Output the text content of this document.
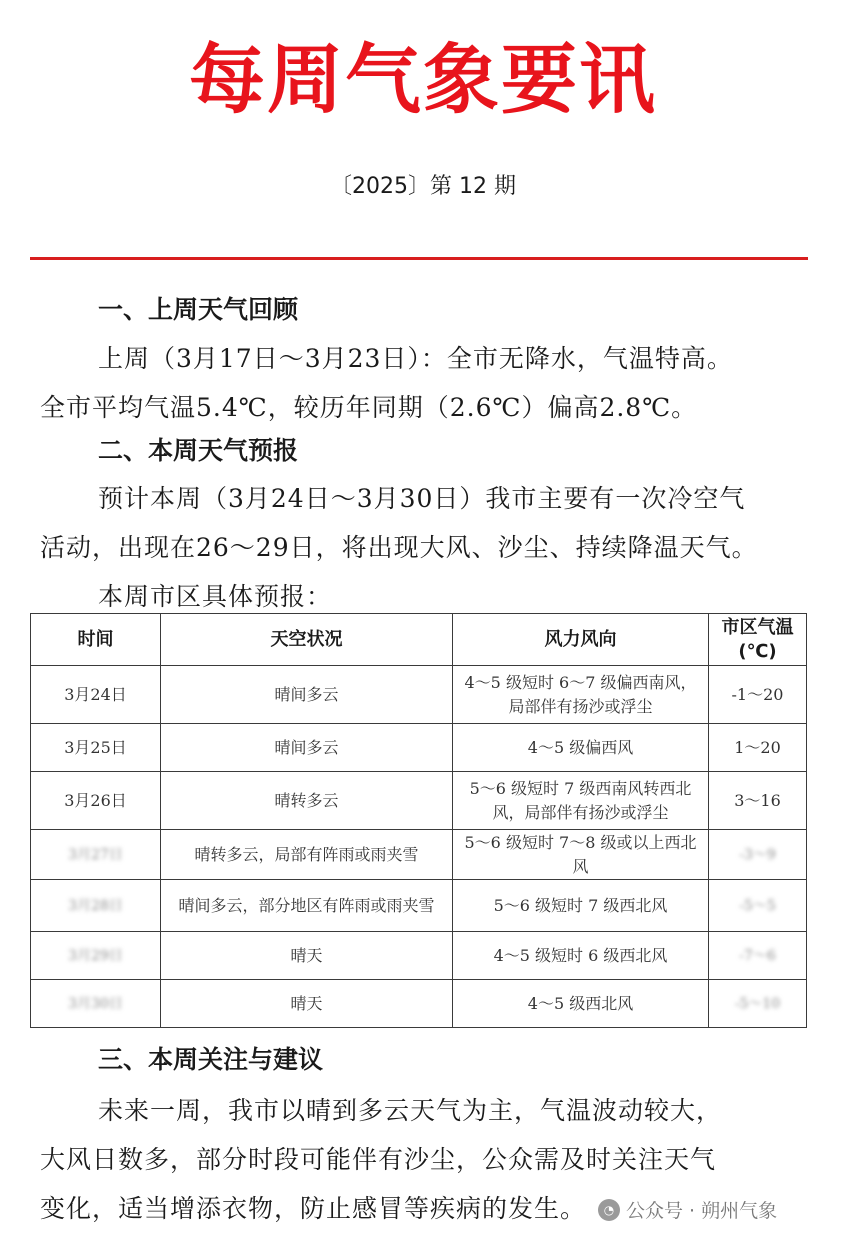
每周气象要讯
〔2025〕第 12 期
一、上周天气回顾
上周（3月17日～3月23日）：全市无降水，气温特高。
全市平均气温5.4℃，较历年同期（2.6℃）偏高2.8℃。
二、本周天气预报
预计本周（3月24日～3月30日）我市主要有一次冷空气
活动，出现在26～29日，将出现大风、沙尘、持续降温天气。
本周市区具体预报：
时间	天空状况	风力风向	市区气温(℃)
3月24日	晴间多云	4～5 级短时 6～7 级偏西南风，局部伴有扬沙或浮尘	-1～20
3月25日	晴间多云	4～5 级偏西风	1～20
3月26日	晴转多云	5～6 级短时 7 级西南风转西北风，局部伴有扬沙或浮尘	3～16
3月27日	晴转多云，局部有阵雨或雨夹雪	5～6 级短时 7～8 级或以上西北风	-3～9
3月28日	晴间多云，部分地区有阵雨或雨夹雪	5～6 级短时 7 级西北风	-5～5
3月29日	晴天	4～5 级短时 6 级西北风	-7～6
3月30日	晴天	4～5 级西北风	-5～10
三、本周关注与建议
未来一周，我市以晴到多云天气为主，气温波动较大，
大风日数多，部分时段可能伴有沙尘，公众需及时关注天气
变化，适当增添衣物，防止感冒等疾病的发生。	◔ 公众号 · 朔州气象
